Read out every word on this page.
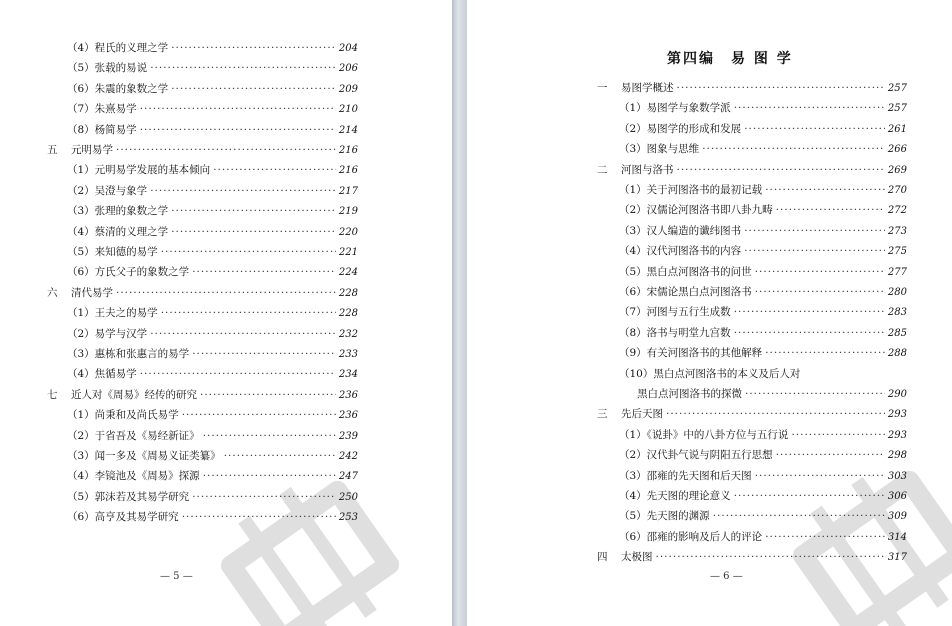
（4）程氏的义理之学 ·····	204
（5）张载的易说 ·····	206
（6）朱震的象数之学 ·····	209
（7）朱熹易学 ·····	210
（8）杨简易学 ·····	214
五	元明易学 ·····	216
（1）元明易学发展的基本倾向 ·····	216
（2）吴澄与象学 ·····	217
（3）张理的象数之学 ·····	219
（4）蔡清的义理之学 ·····	220
（5）来知德的易学 ·····	221
（6）方氏父子的象数之学 ·····	224
六	清代易学 ·····	228
（1）王夫之的易学 ·····	228
（2）易学与汉学 ·····	232
（3）惠栋和张惠言的易学 ·····	233
（4）焦循易学 ·····	234
七	近人对《周易》经传的研究 ·····	236
（1）尚秉和及尚氏易学 ·····	236
（2）于省吾及《易经新证》 ·····	239
（3）闻一多及《周易义证类纂》 ·····	242
（4）李镜池及《周易》探源 ·····	247
（5）郭沫若及其易学研究 ·····	250
（6）高亨及其易学研究 ·····	253
— 5 —
第四编　易 图 学
一	易图学概述 ·····	257
（1）易图学与象数学派 ·····	257
（2）易图学的形成和发展 ·····	261
（3）图象与思维 ·····	266
二	河图与洛书 ·····	269
（1）关于河图洛书的最初记载 ·····	270
（2）汉儒论河图洛书即八卦九畴 ·····	272
（3）汉人编造的谶纬图书 ·····	273
（4）汉代河图洛书的内容 ·····	275
（5）黑白点河图洛书的问世 ·····	277
（6）宋儒论黑白点河图洛书 ·····	280
（7）河图与五行生成数 ·····	283
（8）洛书与明堂九宫数 ·····	285
（9）有关河图洛书的其他解释 ·····	288
（10）黑白点河图洛书的本义及后人对
黑白点河图洛书的探微 ·····	290
三	先后天图 ·····	293
（1）《说卦》中的八卦方位与五行说 ·····	293
（2）汉代卦气说与阴阳五行思想 ·····	298
（3）邵雍的先天图和后天图 ·····	303
（4）先天图的理论意义 ·····	306
（5）先天图的渊源 ·····	309
（6）邵雍的影响及后人的评论 ·····	314
四	太极图 ·····	317
— 6 —
